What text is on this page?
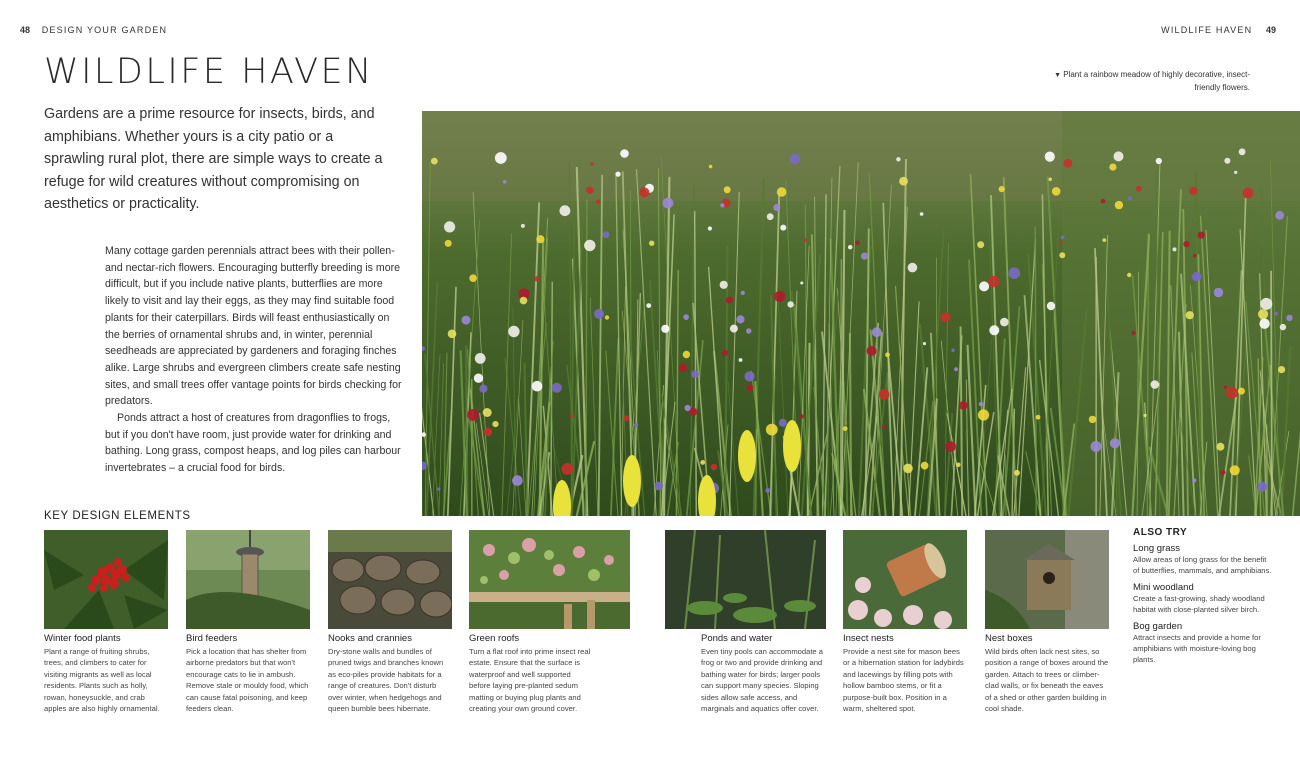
48 DESIGN YOUR GARDEN	WILDLIFE HAVEN 49
WILDLIFE HAVEN

Gardens are a prime resource for insects, birds, and amphibians. Whether yours is a city patio or a sprawling rural plot, there are simple ways to create a refuge for wild creatures without compromising on aesthetics or practicality.

Many cottage garden perennials attract bees with their pollen- and nectar-rich flowers. Encouraging butterfly breeding is more difficult, but if you include native plants, butterflies are more likely to visit and lay their eggs, as they may find suitable food plants for their caterpillars. Birds will feast enthusiastically on the berries of ornamental shrubs and, in winter, perennial seedheads are appreciated by gardeners and foraging finches alike. Large shrubs and evergreen climbers create safe nesting sites, and small trees offer vantage points for birds checking for predators.

Ponds attract a host of creatures from dragonflies to frogs, but if you don't have room, just provide water for drinking and bathing. Long grass, compost heaps, and log piles can harbour invertebrates – a crucial food for birds.

▼ Plant a rainbow meadow of highly decorative, insect-friendly flowers.
KEY DESIGN ELEMENTS
Winter food plants
Plant a range of fruiting shrubs, trees, and climbers to cater for visiting migrants as well as local residents. Plants such as holly, rowan, honeysuckle, and crab apples are also highly ornamental.
Bird feeders
Pick a location that has shelter from airborne predators but that won't encourage cats to lie in ambush. Remove stale or mouldy food, which can cause fatal poisoning, and keep feeders clean.
Nooks and crannies
Dry-stone walls and bundles of pruned twigs and branches known as eco-piles provide habitats for a range of creatures. Don't disturb over winter, when hedgehogs and queen bumble bees hibernate.
Green roofs
Turn a flat roof into prime insect real estate. Ensure that the surface is waterproof and well supported before laying pre-planted sedum matting or buying plug plants and creating your own ground cover.
Ponds and water
Even tiny pools can accommodate a frog or two and provide drinking and bathing water for birds; larger pools can support many species. Sloping sides allow safe access, and marginals and aquatics offer cover.
Insect nests
Provide a nest site for mason bees or a hibernation station for ladybirds and lacewings by filling pots with hollow bamboo stems, or fit a purpose-built box. Position in a warm, sheltered spot.
Nest boxes
Wild birds often lack nest sites, so position a range of boxes around the garden. Attach to trees or climber-clad walls, or fix beneath the eaves of a shed or other garden building in cool shade.
ALSO TRY
Long grass
Allow areas of long grass for the benefit of butterflies, mammals, and amphibians.
Mini woodland
Create a fast-growing, shady woodland habitat with close-planted silver birch.
Bog garden
Attract insects and provide a home for amphibians with moisture-loving bog plants.
